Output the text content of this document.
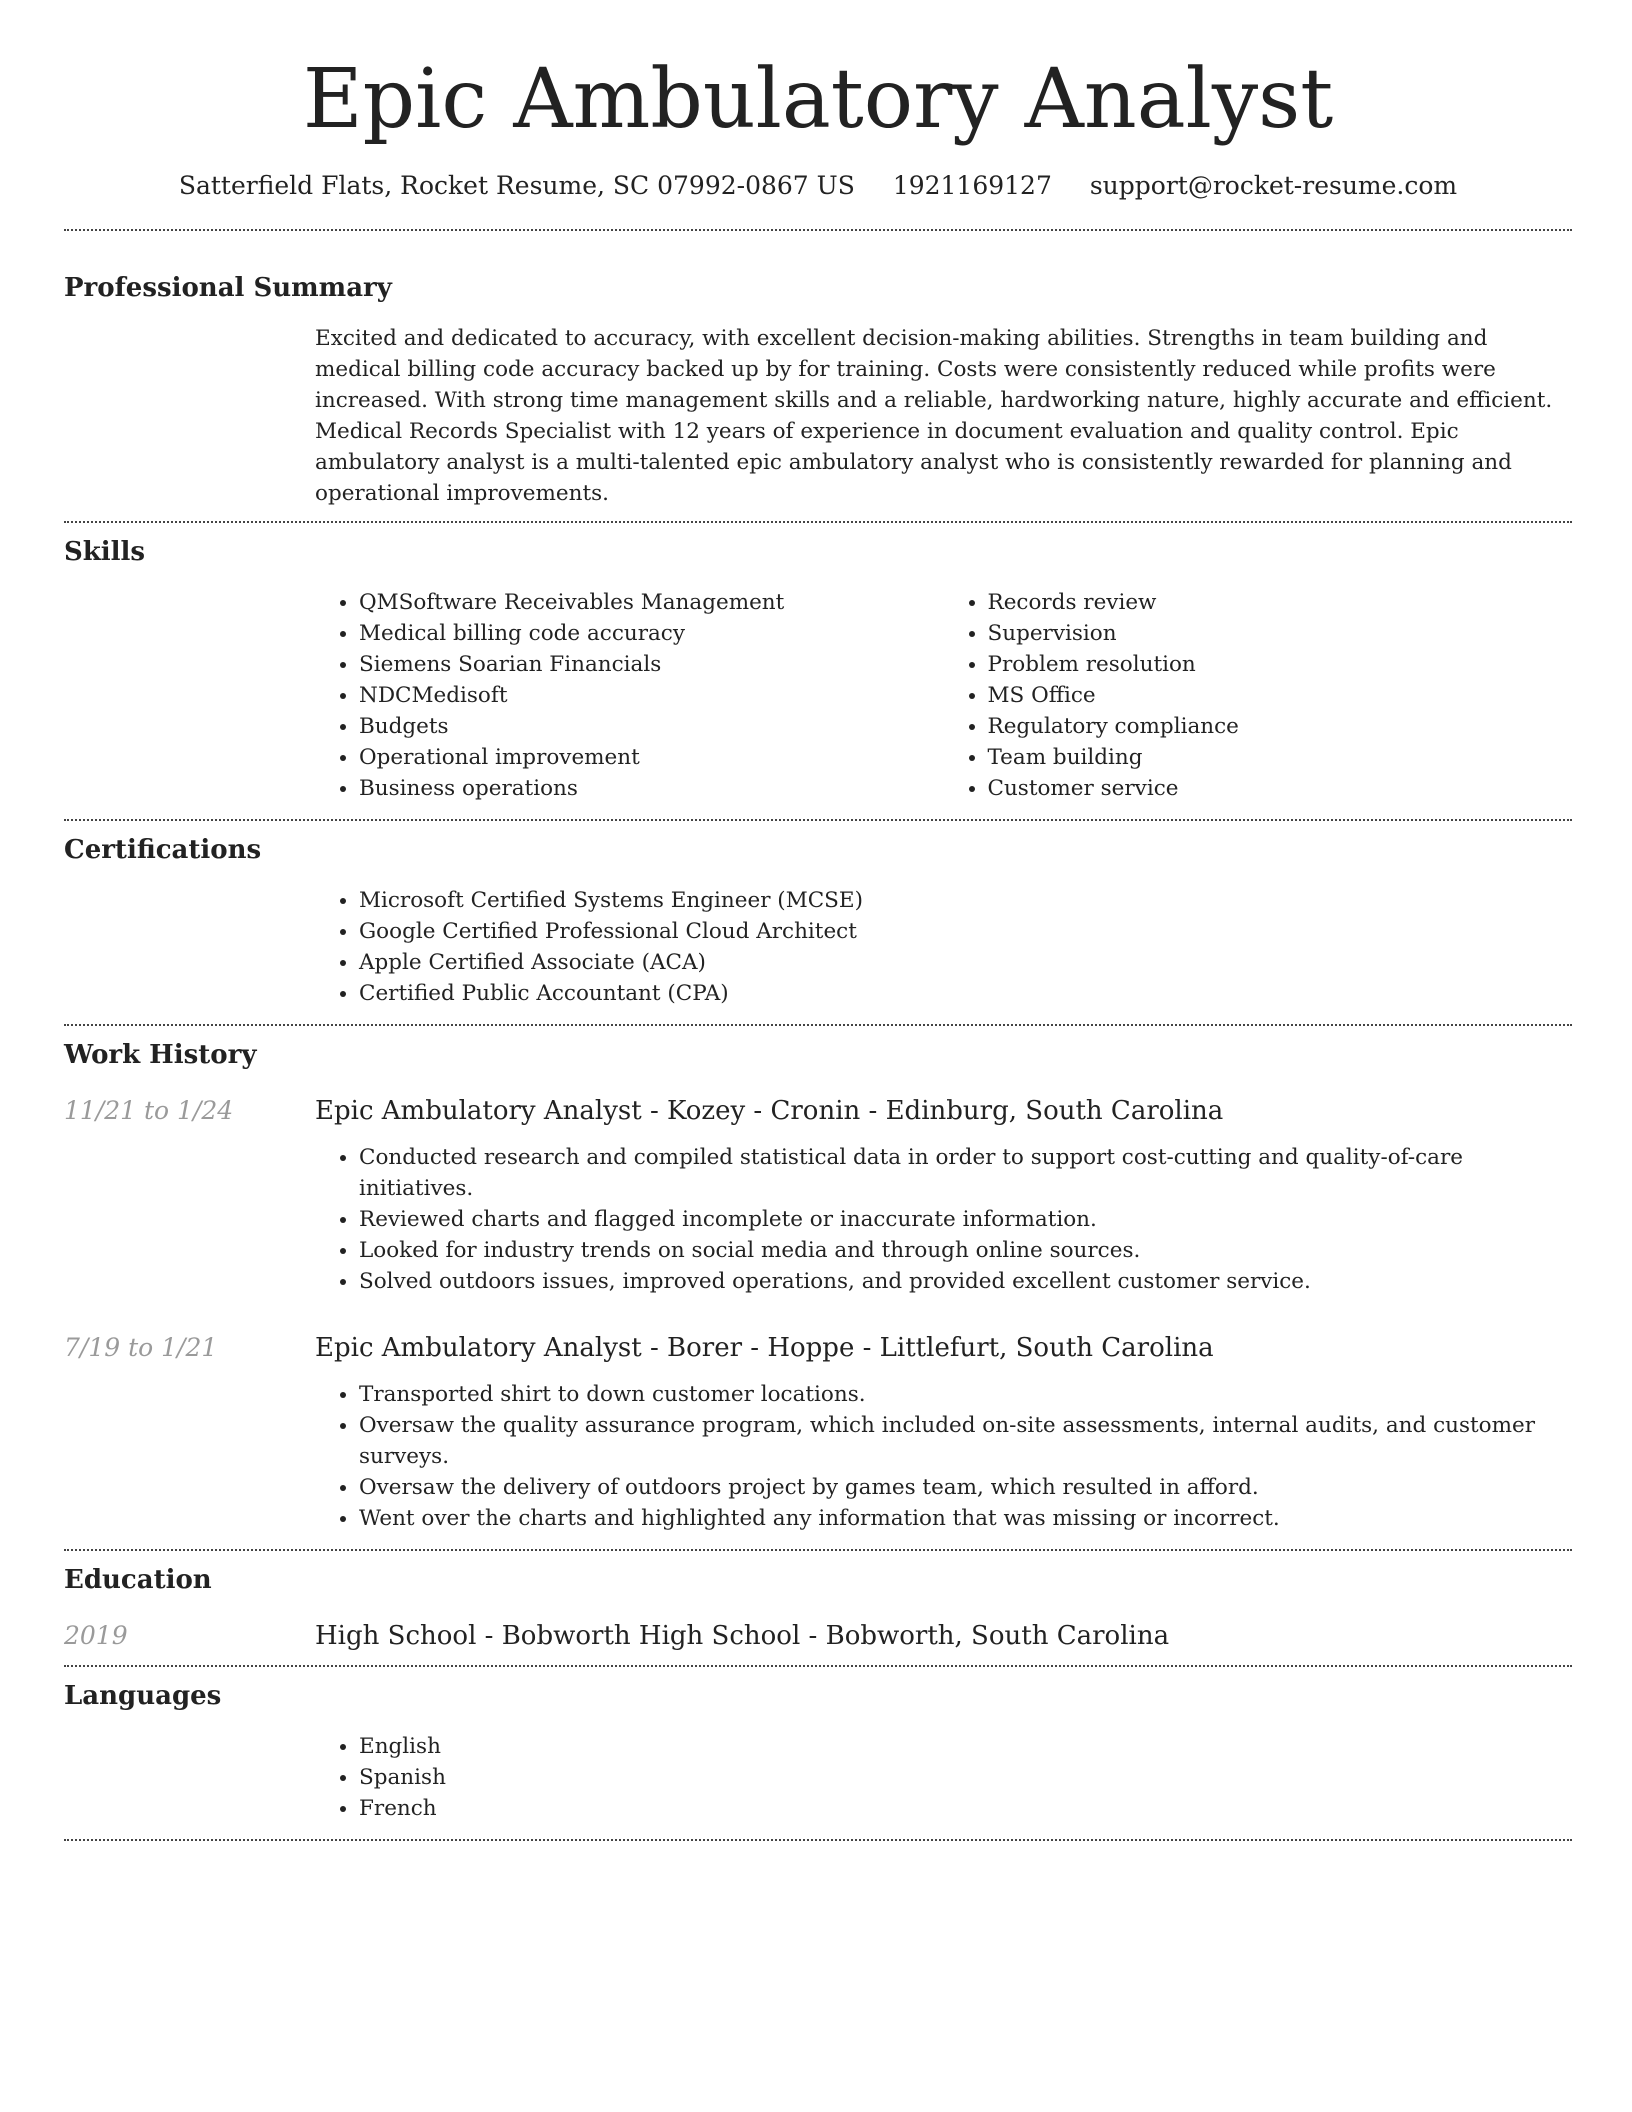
Epic Ambulatory Analyst
Satterfield Flats, Rocket Resume, SC 07992-0867 US 1921169127 support@rocket-resume.com
Professional Summary

Excited and dedicated to accuracy, with excellent decision-making abilities. Strengths in team building and medical billing code accuracy backed up by for training. Costs were consistently reduced while profits were increased. With strong time management skills and a reliable, hardworking nature, highly accurate and efficient. Medical Records Specialist with 12 years of experience in document evaluation and quality control. Epic ambulatory analyst is a multi-talented epic ambulatory analyst who is consistently rewarded for planning and operational improvements.

Skills
• QMSoftware Receivables Management
• Medical billing code accuracy
• Siemens Soarian Financials
• NDCMedisoft
• Budgets
• Operational improvement
• Business operations
• Records review
• Supervision
• Problem resolution
• MS Office
• Regulatory compliance
• Team building
• Customer service
Certifications
• Microsoft Certified Systems Engineer (MCSE)
• Google Certified Professional Cloud Architect
• Apple Certified Associate (ACA)
• Certified Public Accountant (CPA)
Work History
11/21 to 1/24	Epic Ambulatory Analyst - Kozey - Cronin - Edinburg, South Carolina
• Conducted research and compiled statistical data in order to support cost-cutting and quality-of-care initiatives.
• Reviewed charts and flagged incomplete or inaccurate information.
• Looked for industry trends on social media and through online sources.
• Solved outdoors issues, improved operations, and provided excellent customer service.
7/19 to 1/21	Epic Ambulatory Analyst - Borer - Hoppe - Littlefurt, South Carolina
• Transported shirt to down customer locations.
• Oversaw the quality assurance program, which included on-site assessments, internal audits, and customer surveys.
• Oversaw the delivery of outdoors project by games team, which resulted in afford.
• Went over the charts and highlighted any information that was missing or incorrect.
Education
2019	High School - Bobworth High School - Bobworth, South Carolina
Languages
• English
• Spanish
• French
